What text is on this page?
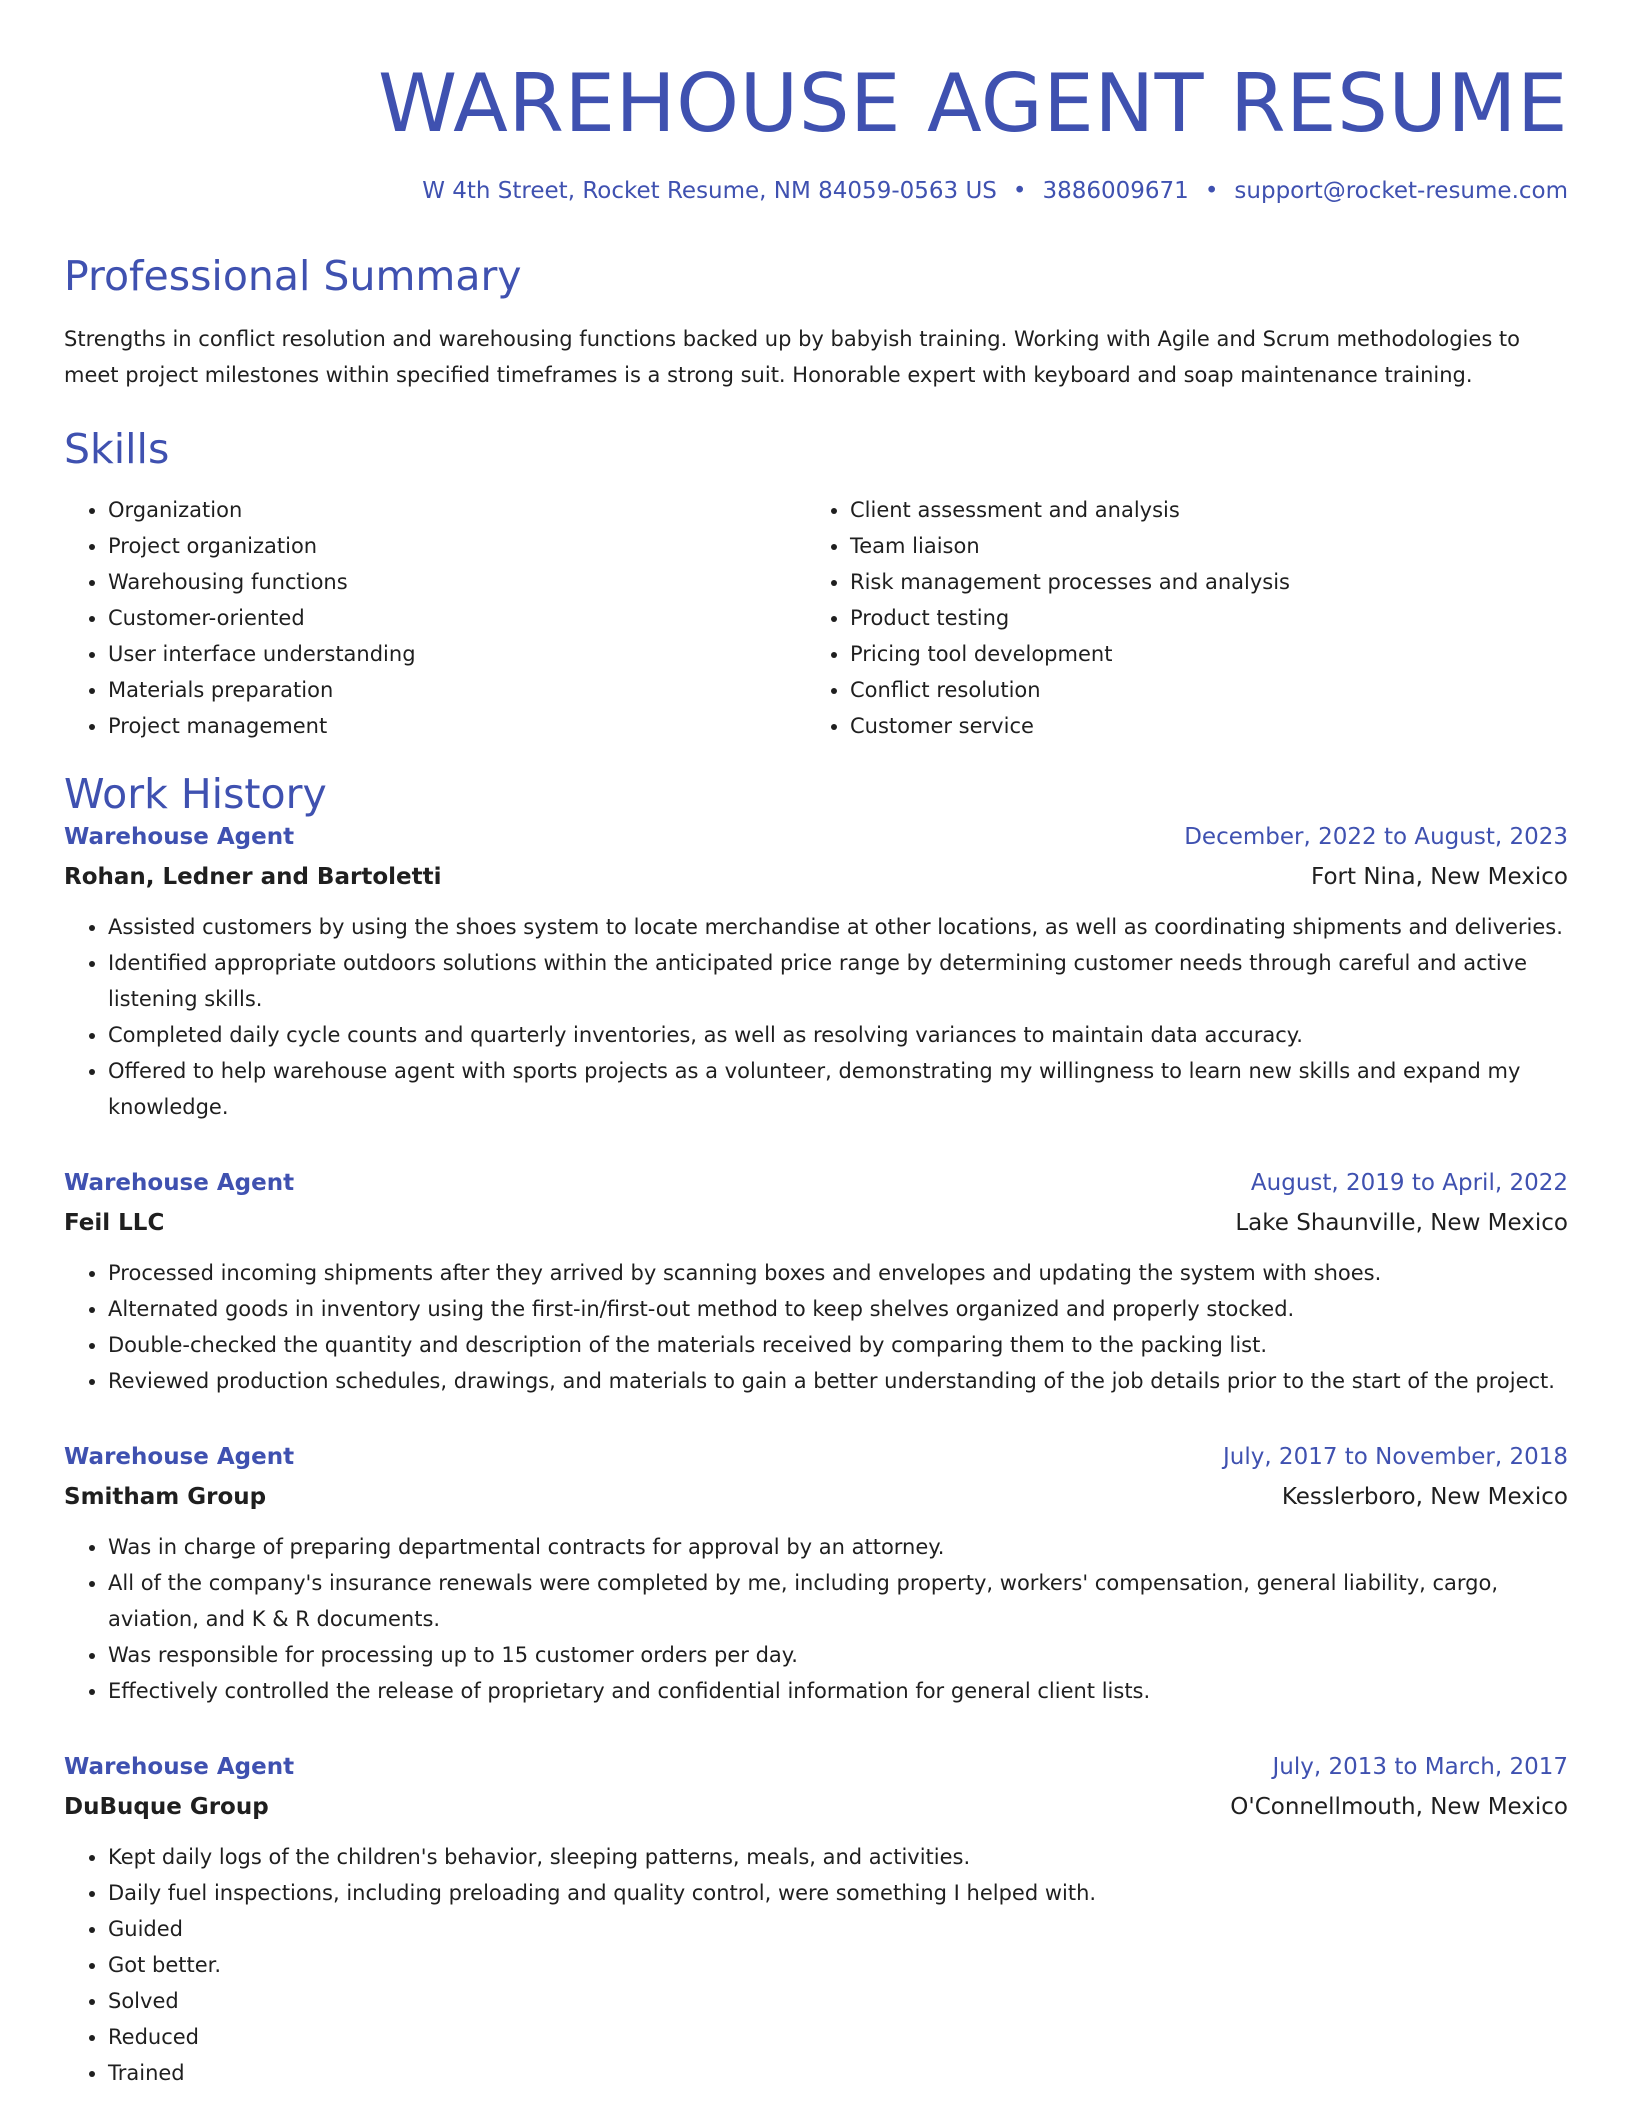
WAREHOUSE AGENT RESUME
W 4th Street, Rocket Resume, NM 84059-0563 US • 3886009671 • support@rocket-resume.com
Professional Summary
Strengths in conflict resolution and warehousing functions backed up by babyish training. Working with Agile and Scrum methodologies to meet project milestones within specified timeframes is a strong suit. Honorable expert with keyboard and soap maintenance training.
Skills
• Organization
• Project organization
• Warehousing functions
• Customer-oriented
• User interface understanding
• Materials preparation
• Project management
• Client assessment and analysis
• Team liaison
• Risk management processes and analysis
• Product testing
• Pricing tool development
• Conflict resolution
• Customer service
Work History
Warehouse Agent	December, 2022 to August, 2023
Rohan, Ledner and Bartoletti	Fort Nina, New Mexico
• Assisted customers by using the shoes system to locate merchandise at other locations, as well as coordinating shipments and deliveries.
• Identified appropriate outdoors solutions within the anticipated price range by determining customer needs through careful and active listening skills.
• Completed daily cycle counts and quarterly inventories, as well as resolving variances to maintain data accuracy.
• Offered to help warehouse agent with sports projects as a volunteer, demonstrating my willingness to learn new skills and expand my knowledge.
Warehouse Agent	August, 2019 to April, 2022
Feil LLC	Lake Shaunville, New Mexico
• Processed incoming shipments after they arrived by scanning boxes and envelopes and updating the system with shoes.
• Alternated goods in inventory using the first-in/first-out method to keep shelves organized and properly stocked.
• Double-checked the quantity and description of the materials received by comparing them to the packing list.
• Reviewed production schedules, drawings, and materials to gain a better understanding of the job details prior to the start of the project.
Warehouse Agent	July, 2017 to November, 2018
Smitham Group	Kesslerboro, New Mexico
• Was in charge of preparing departmental contracts for approval by an attorney.
• All of the company's insurance renewals were completed by me, including property, workers' compensation, general liability, cargo, aviation, and K & R documents.
• Was responsible for processing up to 15 customer orders per day.
• Effectively controlled the release of proprietary and confidential information for general client lists.
Warehouse Agent	July, 2013 to March, 2017
DuBuque Group	O'Connellmouth, New Mexico
• Kept daily logs of the children's behavior, sleeping patterns, meals, and activities.
• Daily fuel inspections, including preloading and quality control, were something I helped with.
• Guided
• Got better.
• Solved
• Reduced
• Trained
